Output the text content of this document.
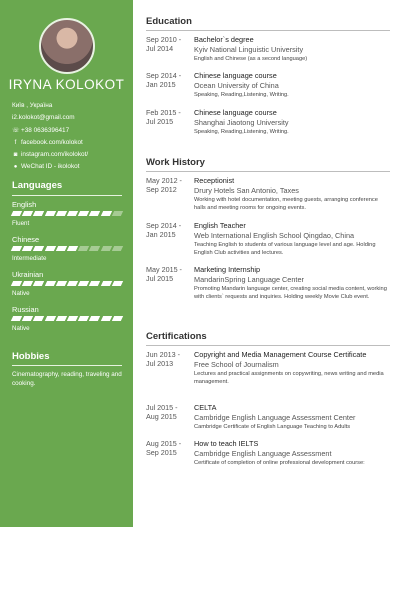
IRYNA KOLOKOT
Київ , Україна
i2.kolokot@gmail.com
☏ +38 0636396417
f facebook.com/kolokot
◙ instagram.com/ikolokot/
● WeChat ID - ikolokot
Languages
English
Fluent
Chinese
Intermediate
Ukrainian
Native
Russian
Native
Hobbies
Cinematography, reading, traveling and cooking.
Education
Sep 2010 -
Jul 2014
Bachelor`s degree
Kyiv National Linguistic University
English and Chinese (as a second language)
Sep 2014 -
Jan 2015
Chinese language course
Ocean University of China
Speaking, Reading,Listening, Writing.
Feb 2015 -
Jul 2015
Chinese language course
Shanghai Jiaotong University
Speaking, Reading,Listening, Writing.
Work History
May 2012 -
Sep 2012
Receptionist
Drury Hotels San Antonio, Taxes
Working with hotel documentation, meeting guests, arranging conference halls and meeting rooms for ongoing events.
Sep 2014 -
Jan 2015
English Teacher
Web International English School Qingdao, China
Teaching English to students of various language level and age. Holding English Club activities and lectures.
May 2015 -
Jul 2015
Marketing Internship
MandarinSpring Language Center
Promoting Mandarin language center, creating social media content, working with clients` requests and inquiries. Holding weekly Movie Club event.
Certifications
Jun 2013 -
Jul 2013
Copyright and Media Management Course Certificate
Free School of Journalism
Lectures and practical assignments on copywriting, news writing and media management.
Jul 2015 -
Aug 2015
CELTA
Cambridge English Language Assessment Center
Cambridge Certificate of English Language Teaching to Adults
Aug 2015 -
Sep 2015
How to teach IELTS
Cambridge English Language Assessment
Certificate of completion of online professional development course:
